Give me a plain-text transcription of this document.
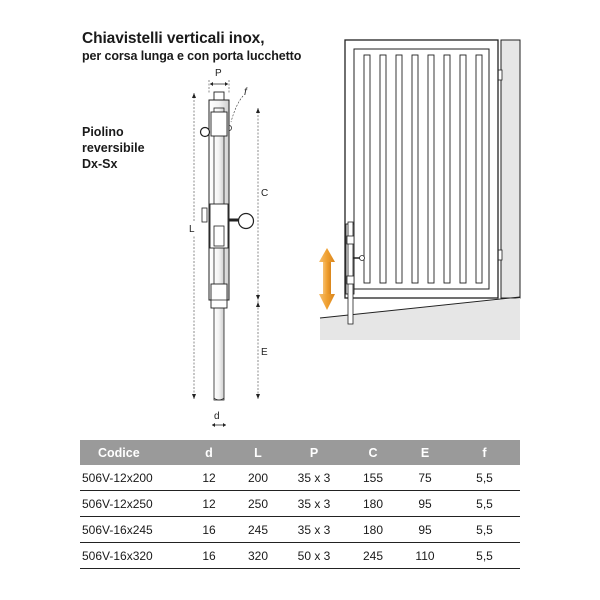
Chiavistelli verticali inox,
per corsa lunga e con porta lucchetto
Piolino
reversibile
Dx-Sx
P
f
L
C
E
d
Codice	d	L	P	C	E	f
506V-12x200	12	200	35 x 3	155	75	5,5
506V-12x250	12	250	35 x 3	180	95	5,5
506V-16x245	16	245	35 x 3	180	95	5,5
506V-16x320	16	320	50 x 3	245	110	5,5
